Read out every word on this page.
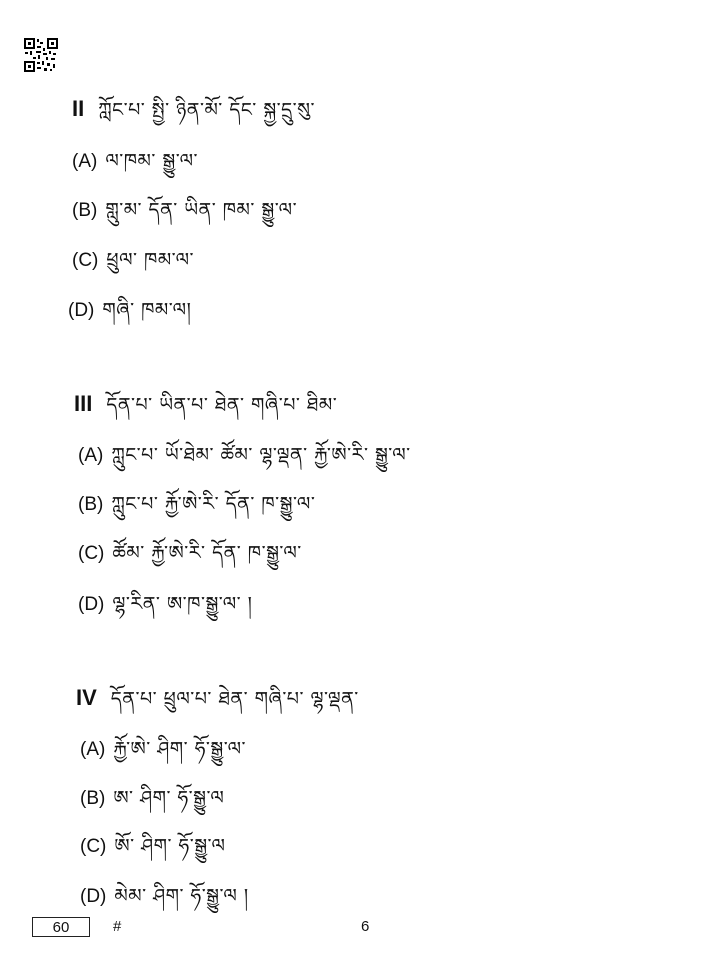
II ཀློང་པ་ སྤྱི་ ཉིན་མོ་ དོང་ སྐྱ་དྲུ་སུ་
(A) ལ་ཁམ་ སྒྱུ་ལ་
(B) གླུ་མ་ དོན་ ཡིན་ ཁམ་ སྒྱུ་ལ་
(C) ཕྲུལ་ ཁམ་ལ་
(D) གཞི་ ཁམ་ལ།
III དོན་པ་ ཡིན་པ་ ཐེན་ གཞི་པ་ ཐིམ་
(A) ཀླུང་པ་ ཡོ་ཐེམ་ ཚོམ་ ལྷ་ལྡན་ རྐྱོ་ཨེ་རི་ སྒྱུ་ལ་
(B) ཀླུང་པ་ རྐྱོ་ཨེ་རི་ དོན་ ཁ་སྒྱུ་ལ་
(C) ཚོམ་ རྐྱོ་ཨེ་རི་ དོན་ ཁ་སྒྱུ་ལ་
(D) ལྷ་རིན་ ཨ་ཁ་སྒྱུ་ལ་ །
IV དོན་པ་ ཕྲུལ་པ་ ཐེན་ གཞི་པ་ ལྷ་ལྡན་
(A) རྐྱོ་ཨེ་ ཤིག་ ཧོ་སྒྱུ་ལ་
(B) ཨ་ ཤིག་ ཧོ་སྒྱུ་ལ
(C) ཨོ་ ཤིག་ ཧོ་སྒྱུ་ལ
(D) མེམ་ ཤིག་ ཧོ་སྒྱུ་ལ །
60	#	6
